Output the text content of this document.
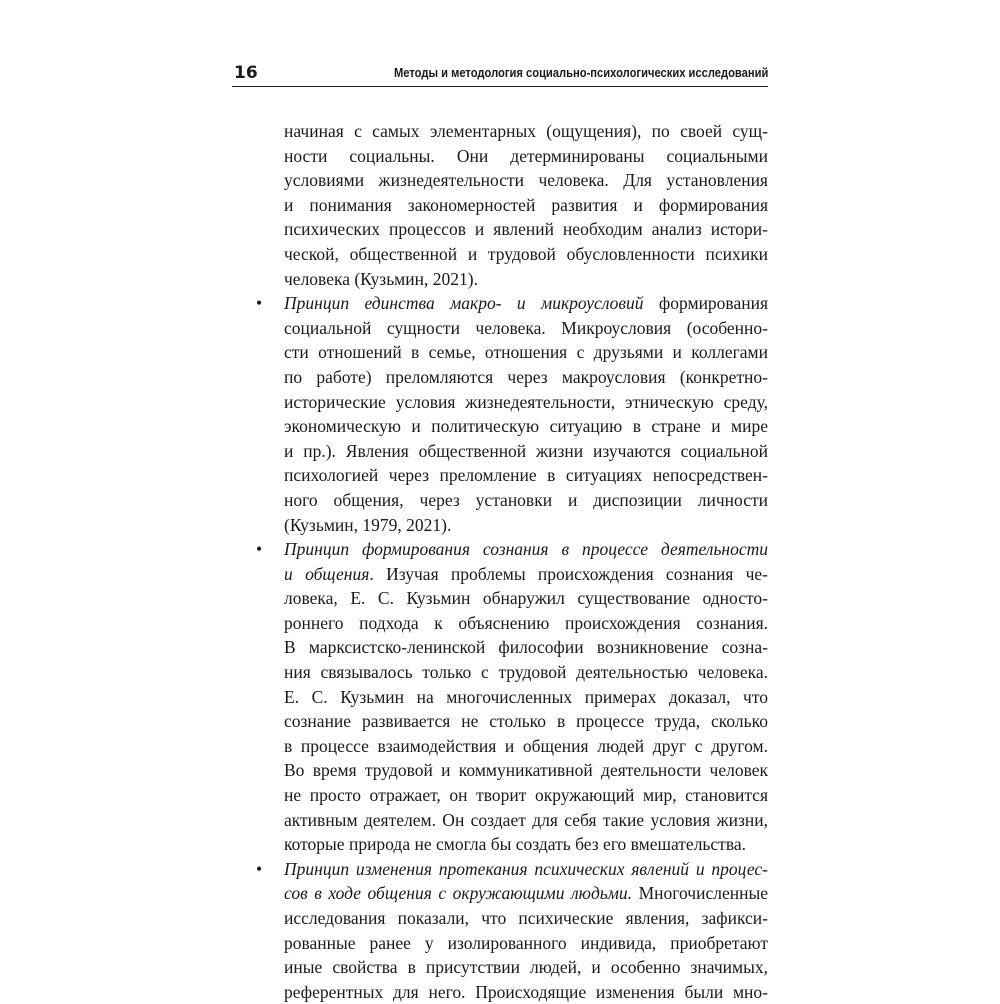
16	Методы и методология социально-психологических исследований
начиная с самых элементарных (ощущения), по своей сущ-
ности социальны. Они детерминированы социальными
условиями жизнедеятельности человека. Для установления
и понимания закономерностей развития и формирования
психических процессов и явлений необходим анализ истори-
ческой, общественной и трудовой обусловленности психики
человека (Кузьмин, 2021).
• Принцип единства макро- и микроусловий формирования
социальной сущности человека. Микроусловия (особенно-
сти отношений в семье, отношения с друзьями и коллегами
по работе) преломляются через макроусловия (конкретно-
исторические условия жизнедеятельности, этническую среду,
экономическую и политическую ситуацию в стране и мире
и пр.). Явления общественной жизни изучаются социальной
психологией через преломление в ситуациях непосредствен-
ного общения, через установки и диспозиции личности
(Кузьмин, 1979, 2021).
• Принцип формирования сознания в процессе деятельности
и общения. Изучая проблемы происхождения сознания че-
ловека, Е. С. Кузьмин обнаружил существование односто-
роннего подхода к объяснению происхождения сознания.
В марксистско-ленинской философии возникновение созна-
ния связывалось только с трудовой деятельностью человека.
Е. С. Кузьмин на многочисленных примерах доказал, что
сознание развивается не столько в процессе труда, сколько
в процессе взаимодействия и общения людей друг с другом.
Во время трудовой и коммуникативной деятельности человек
не просто отражает, он творит окружающий мир, становится
активным деятелем. Он создает для себя такие условия жизни,
которые природа не смогла бы создать без его вмешательства.
• Принцип изменения протекания психических явлений и процес-
сов в ходе общения с окружающими людьми. Многочисленные
исследования показали, что психические явления, зафикси-
рованные ранее у изолированного индивида, приобретают
иные свойства в присутствии людей, и особенно значимых,
референтных для него. Происходящие изменения были мно-
